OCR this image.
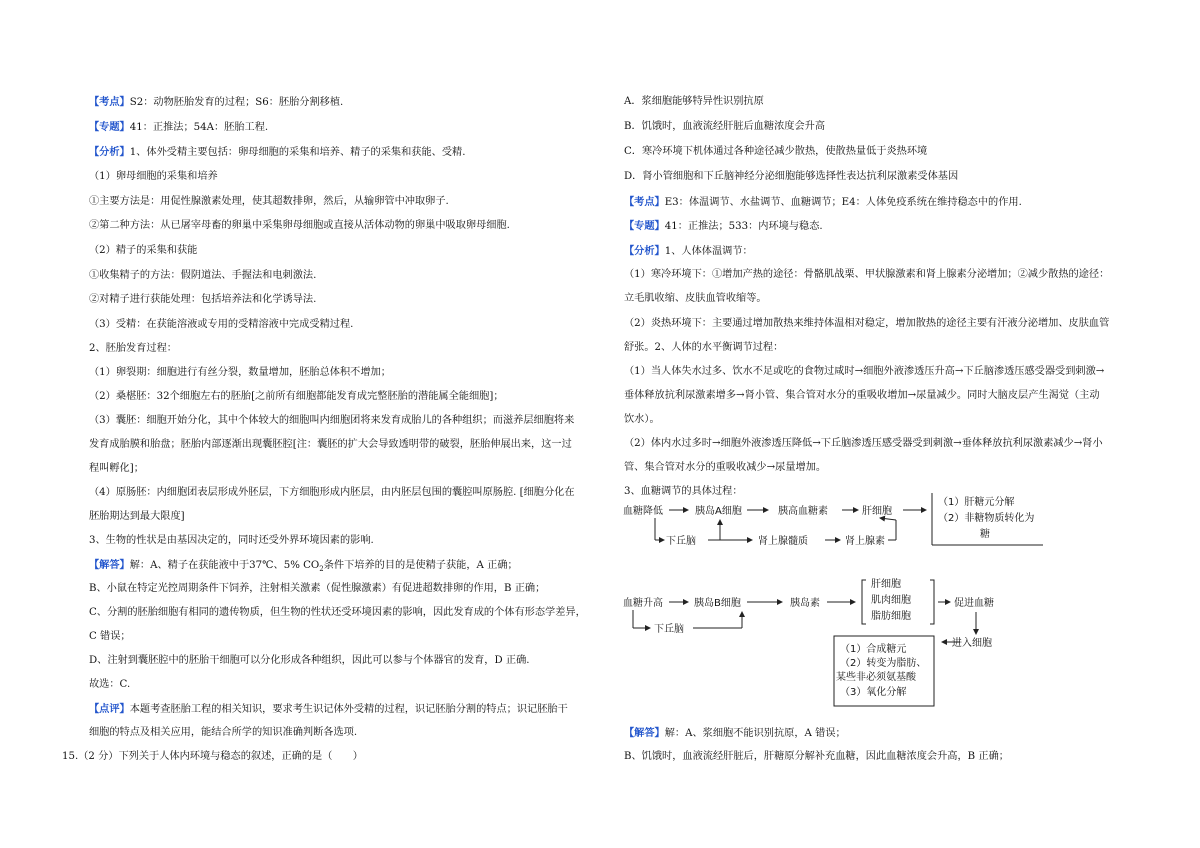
【考点】S2：动物胚胎发育的过程；S6：胚胎分割移植.

【专题】41：正推法；54A：胚胎工程.

【分析】1、体外受精主要包括：卵母细胞的采集和培养、精子的采集和获能、受精.

（1）卵母细胞的采集和培养

①主要方法是：用促性腺激素处理，使其超数排卵，然后，从输卵管中冲取卵子.

②第二种方法：从已屠宰母畜的卵巢中采集卵母细胞或直接从活体动物的卵巢中吸取卵母细胞.

（2）精子的采集和获能

①收集精子的方法：假阴道法、手握法和电刺激法.

②对精子进行获能处理：包括培养法和化学诱导法.

（3）受精：在获能溶液或专用的受精溶液中完成受精过程.

2、胚胎发育过程：

（1）卵裂期：细胞进行有丝分裂，数量增加，胚胎总体积不增加；

（2）桑椹胚：32个细胞左右的胚胎[之前所有细胞都能发育成完整胚胎的潜能属全能细胞]；

（3）囊胚：细胞开始分化，其中个体较大的细胞叫内细胞团将来发育成胎儿的各种组织；而滋养层细胞将来

发育成胎膜和胎盘；胚胎内部逐渐出现囊胚腔[注：囊胚的扩大会导致透明带的破裂，胚胎伸展出来，这一过

程叫孵化]；

（4）原肠胚：内细胞团表层形成外胚层，下方细胞形成内胚层，由内胚层包围的囊腔叫原肠腔. [细胞分化在

胚胎期达到最大限度]

3、生物的性状是由基因决定的，同时还受外界环境因素的影响.

【解答】解：A、精子在获能液中于37℃、5% $CO_2$条件下培养的目的是使精子获能，A 正确；

B、小鼠在特定光控周期条件下饲养，注射相关激素（促性腺激素）有促进超数排卵的作用，B 正确；

C、分割的胚胎细胞有相同的遗传物质，但生物的性状还受环境因素的影响，因此发育成的个体有形态学差异，

C 错误；

D、注射到囊胚腔中的胚胎干细胞可以分化形成各种组织，因此可以参与个体器官的发育，D 正确.

故选：C.

【点评】本题考查胚胎工程的相关知识，要求考生识记体外受精的过程，识记胚胎分割的特点；识记胚胎干

细胞的特点及相关应用，能结合所学的知识准确判断各选项.

15.（2 分）下列关于人体内环境与稳态的叙述，正确的是（　　）

A．浆细胞能够特异性识别抗原

B．饥饿时，血液流经肝脏后血糖浓度会升高

C．寒冷环境下机体通过各种途径减少散热，使散热量低于炎热环境

D．肾小管细胞和下丘脑神经分泌细胞能够选择性表达抗利尿激素受体基因

【考点】E3：体温调节、水盐调节、血糖调节；E4：人体免疫系统在维持稳态中的作用.

【专题】41：正推法；533：内环境与稳态.

【分析】1、人体体温调节：

（1）寒冷环境下：①增加产热的途径：骨骼肌战栗、甲状腺激素和肾上腺素分泌增加；②减少散热的途径：

立毛肌收缩、皮肤血管收缩等。

（2）炎热环境下：主要通过增加散热来维持体温相对稳定，增加散热的途径主要有汗液分泌增加、皮肤血管

舒张。2、人体的水平衡调节过程：

（1）当人体失水过多、饮水不足或吃的食物过咸时→细胞外液渗透压升高→下丘脑渗透压感受器受到刺激→

垂体释放抗利尿激素增多→肾小管、集合管对水分的重吸收增加→尿量减少。同时大脑皮层产生渴觉（主动

饮水）。

（2）体内水过多时→细胞外液渗透压降低→下丘脑渗透压感受器受到刺激→垂体释放抗利尿激素减少→肾小

管、集合管对水分的重吸收减少→尿量增加。

3、血糖调节的具体过程：

【解答】解：A、浆细胞不能识别抗原，A 错误；

B、饥饿时，血液流经肝脏后，肝糖原分解补充血糖，因此血糖浓度会升高，B 正确；

血糖降低	胰岛A细胞	胰高血糖素	肝细胞
（1）肝糖元分解
（2）非糖物质转化为
糖
下丘脑	肾上腺髓质	肾上腺素
血糖升高	胰岛B细胞	胰岛素
肝细胞
肌肉细胞
脂肪细胞
促进血糖
进入细胞
下丘脑
（1）合成糖元
（2）转变为脂肪、
某些非必须氨基酸
（3）氧化分解
